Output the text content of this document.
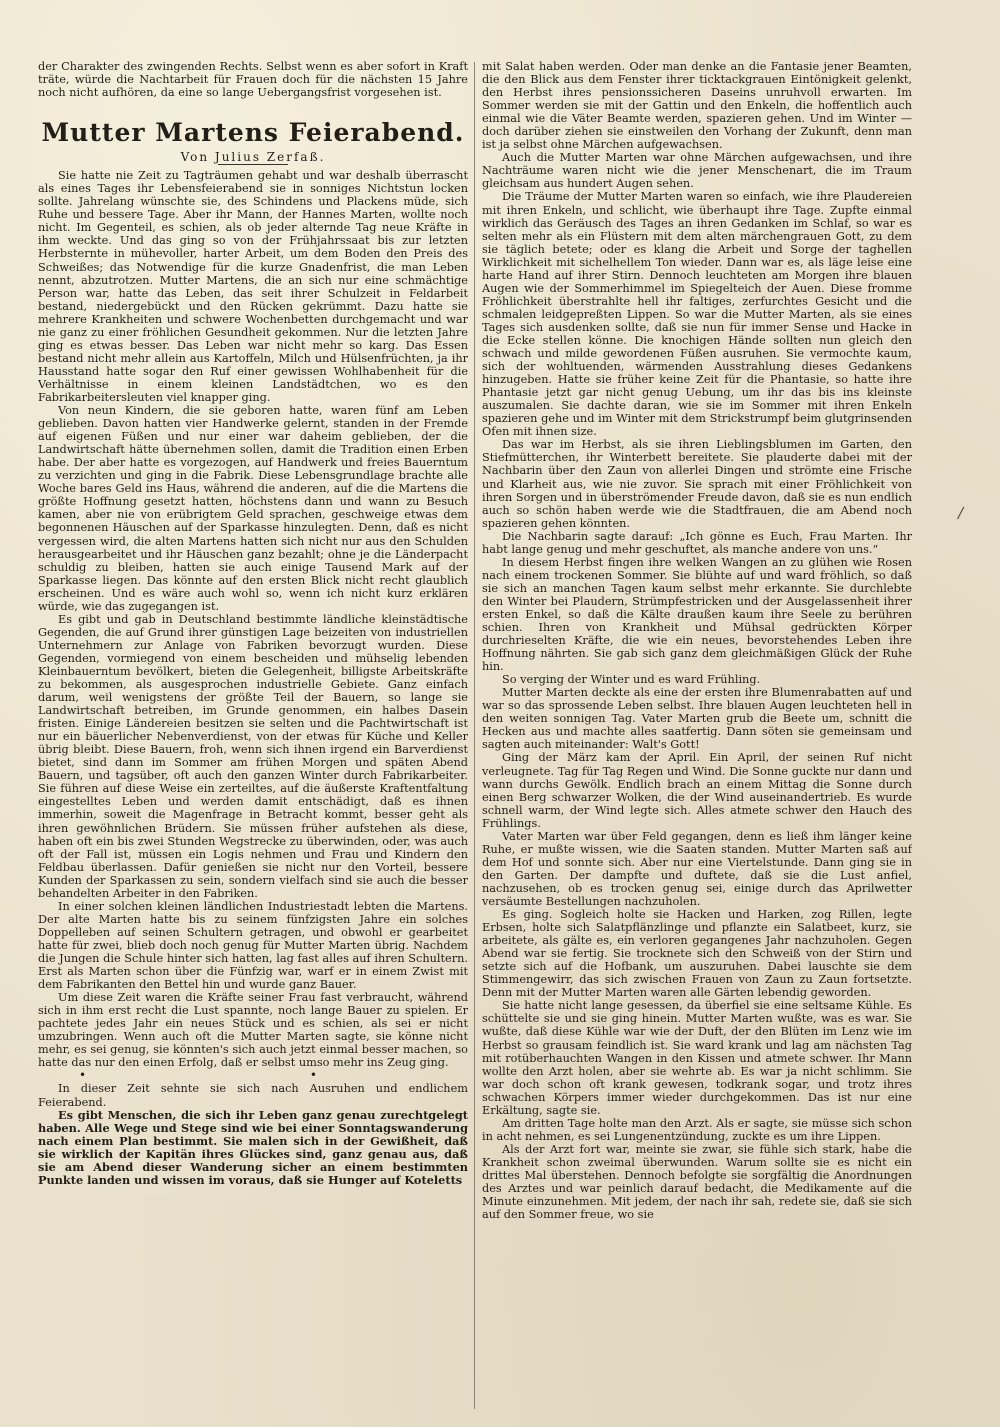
der Charakter des zwingenden Rechts. Selbst wenn es aber sofort in Kraft träte, würde die Nachtarbeit für Frauen doch für die nächsten 15 Jahre noch nicht aufhören, da eine so lange Uebergangsfrist vorgesehen ist.

Mutter Martens Feierabend.

Von Julius Zerfaß.

Sie hatte nie Zeit zu Tagträumen gehabt und war deshalb überrascht als eines Tages ihr Lebensfeierabend sie in sonniges Nichtstun locken sollte. Jahrelang wünschte sie, des Schindens und Plackens müde, sich Ruhe und bessere Tage. Aber ihr Mann, der Hannes Marten, wollte noch nicht. Im Gegenteil, es schien, als ob jeder alternde Tag neue Kräfte in ihm weckte. Und das ging so von der Frühjahrssaat bis zur letzten Herbsternte in mühevoller, harter Arbeit, um dem Boden den Preis des Schweißes; das Notwendige für die kurze Gnadenfrist, die man Leben nennt, abzutrotzen. Mutter Martens, die an sich nur eine schmächtige Person war, hatte das Leben, das seit ihrer Schulzeit in Feldarbeit bestand, niedergebückt und den Rücken gekrümmt. Dazu hatte sie mehrere Krankheiten und schwere Wochenbetten durchgemacht und war nie ganz zu einer fröhlichen Gesundheit gekommen. Nur die letzten Jahre ging es etwas besser. Das Leben war nicht mehr so karg. Das Essen bestand nicht mehr allein aus Kartoffeln, Milch und Hülsenfrüchten, ja ihr Hausstand hatte sogar den Ruf einer gewissen Wohlhabenheit für die Verhältnisse in einem kleinen Landstädtchen, wo es den Fabrikarbeitersleuten viel knapper ging.

Von neun Kindern, die sie geboren hatte, waren fünf am Leben geblieben. Davon hatten vier Handwerke gelernt, standen in der Fremde auf eigenen Füßen und nur einer war daheim geblieben, der die Landwirtschaft hätte übernehmen sollen, damit die Tradition einen Erben habe. Der aber hatte es vorgezogen, auf Handwerk und freies Bauerntum zu verzichten und ging in die Fabrik. Diese Lebensgrundlage brachte alle Woche bares Geld ins Haus, während die anderen, auf die die Martens die größte Hoffnung gesetzt hatten, höchstens dann und wann zu Besuch kamen, aber nie von erübrigtem Geld sprachen, geschweige etwas dem begonnenen Häuschen auf der Sparkasse hinzulegten. Denn, daß es nicht vergessen wird, die alten Martens hatten sich nicht nur aus den Schulden herausgearbeitet und ihr Häuschen ganz bezahlt; ohne je die Länderpacht schuldig zu bleiben, hatten sie auch einige Tausend Mark auf der Sparkasse liegen. Das könnte auf den ersten Blick nicht recht glaublich erscheinen. Und es wäre auch wohl so, wenn ich nicht kurz erklären würde, wie das zugegangen ist.

Es gibt und gab in Deutschland bestimmte ländliche kleinstädtische Gegenden, die auf Grund ihrer günstigen Lage beizeiten von industriellen Unternehmern zur Anlage von Fabriken bevorzugt wurden. Diese Gegenden, vormiegend von einem bescheiden und mühselig lebenden Kleinbauerntum bevölkert, bieten die Gelegenheit, billigste Arbeitskräfte zu bekommen, als ausgesprochen industrielle Gebiete. Ganz einfach darum, weil wenigstens der größte Teil der Bauern, so lange sie Landwirtschaft betreiben, im Grunde genommen, ein halbes Dasein fristen. Einige Ländereien besitzen sie selten und die Pachtwirtschaft ist nur ein bäuerlicher Nebenverdienst, von der etwas für Küche und Keller übrig bleibt. Diese Bauern, froh, wenn sich ihnen irgend ein Barverdienst bietet, sind dann im Sommer am frühen Morgen und späten Abend Bauern, und tagsüber, oft auch den ganzen Winter durch Fabrikarbeiter. Sie führen auf diese Weise ein zerteiltes, auf die äußerste Kraftentfaltung eingestelltes Leben und werden damit entschädigt, daß es ihnen immerhin, soweit die Magenfrage in Betracht kommt, besser geht als ihren gewöhnlichen Brüdern. Sie müssen früher aufstehen als diese, haben oft ein bis zwei Stunden Wegstrecke zu überwinden, oder, was auch oft der Fall ist, müssen ein Logis nehmen und Frau und Kindern den Feldbau überlassen. Dafür genießen sie nicht nur den Vorteil, bessere Kunden der Sparkassen zu sein, sondern vielfach sind sie auch die besser behandelten Arbeiter in den Fabriken.

In einer solchen kleinen ländlichen Industriestadt lebten die Martens. Der alte Marten hatte bis zu seinem fünfzigsten Jahre ein solches Doppelleben auf seinen Schultern getragen, und obwohl er gearbeitet hatte für zwei, blieb doch noch genug für Mutter Marten übrig. Nachdem die Jungen die Schule hinter sich hatten, lag fast alles auf ihren Schultern. Erst als Marten schon über die Fünfzig war, warf er in einem Zwist mit dem Fabrikanten den Bettel hin und wurde ganz Bauer.

Um diese Zeit waren die Kräfte seiner Frau fast verbraucht, während sich in ihm erst recht die Lust spannte, noch lange Bauer zu spielen. Er pachtete jedes Jahr ein neues Stück und es schien, als sei er nicht umzubringen. Wenn auch oft die Mutter Marten sagte, sie könne nicht mehr, es sei genug, sie könnten's sich auch jetzt einmal besser machen, so hatte das nur den einen Erfolg, daß er selbst umso mehr ins Zeug ging.

• •

In dieser Zeit sehnte sie sich nach Ausruhen und endlichem Feierabend.

Es gibt Menschen, die sich ihr Leben ganz genau zurechtgelegt haben. Alle Wege und Stege sind wie bei einer Sonntagswanderung nach einem Plan bestimmt. Sie malen sich in der Gewißheit, daß sie wirklich der Kapitän ihres Glückes sind, ganz genau aus, daß sie am Abend dieser Wanderung sicher an einem bestimmten Punkte landen und wissen im voraus, daß sie Hunger auf Koteletts

mit Salat haben werden. Oder man denke an die Fantasie jener Beamten, die den Blick aus dem Fenster ihrer ticktackgrauen Eintönigkeit gelenkt, den Herbst ihres pensionssicheren Daseins unruhvoll erwarten. Im Sommer werden sie mit der Gattin und den Enkeln, die hoffentlich auch einmal wie die Väter Beamte werden, spazieren gehen. Und im Winter — doch darüber ziehen sie einstweilen den Vorhang der Zukunft, denn man ist ja selbst ohne Märchen aufgewachsen.

Auch die Mutter Marten war ohne Märchen aufgewachsen, und ihre Nachträume waren nicht wie die jener Menschenart, die im Traum gleichsam aus hundert Augen sehen.

Die Träume der Mutter Marten waren so einfach, wie ihre Plaudereien mit ihren Enkeln, und schlicht, wie überhaupt ihre Tage. Zupfte einmal wirklich das Geräusch des Tages an ihren Gedanken im Schlaf, so war es selten mehr als ein Flüstern mit dem alten märchengrauen Gott, zu dem sie täglich betete; oder es klang die Arbeit und Sorge der taghellen Wirklichkeit mit sichelhellem Ton wieder. Dann war es, als läge leise eine harte Hand auf ihrer Stirn. Dennoch leuchteten am Morgen ihre blauen Augen wie der Sommerhimmel im Spiegelteich der Auen. Diese fromme Fröhlichkeit überstrahlte hell ihr faltiges, zerfurchtes Gesicht und die schmalen leidgepreßten Lippen. So war die Mutter Marten, als sie eines Tages sich ausdenken sollte, daß sie nun für immer Sense und Hacke in die Ecke stellen könne. Die knochigen Hände sollten nun gleich den schwach und milde gewordenen Füßen ausruhen. Sie vermochte kaum, sich der wohltuenden, wärmenden Ausstrahlung dieses Gedankens hinzugeben. Hatte sie früher keine Zeit für die Phantasie, so hatte ihre Phantasie jetzt gar nicht genug Uebung, um ihr das bis ins kleinste auszumalen. Sie dachte daran, wie sie im Sommer mit ihren Enkeln spazieren gehe und im Winter mit dem Strickstrumpf beim glutgrinsenden Ofen mit ihnen size.

Das war im Herbst, als sie ihren Lieblingsblumen im Garten, den Stiefmütterchen, ihr Winterbett bereitete. Sie plauderte dabei mit der Nachbarin über den Zaun von allerlei Dingen und strömte eine Frische und Klarheit aus, wie nie zuvor. Sie sprach mit einer Fröhlichkeit von ihren Sorgen und in überströmender Freude davon, daß sie es nun endlich auch so schön haben werde wie die Stadtfrauen, die am Abend noch spazieren gehen könnten.

Die Nachbarin sagte darauf: „Ich gönne es Euch, Frau Marten. Ihr habt lange genug und mehr geschuftet, als manche andere von uns.“

In diesem Herbst fingen ihre welken Wangen an zu glühen wie Rosen nach einem trockenen Sommer. Sie blühte auf und ward fröhlich, so daß sie sich an manchen Tagen kaum selbst mehr erkannte. Sie durchlebte den Winter bei Plaudern, Strümpfestricken und der Ausgelassenheit ihrer ersten Enkel, so daß die Kälte draußen kaum ihre Seele zu berühren schien. Ihren von Krankheit und Mühsal gedrückten Körper durchrieselten Kräfte, die wie ein neues, bevorstehendes Leben ihre Hoffnung nährten. Sie gab sich ganz dem gleichmäßigen Glück der Ruhe hin.

So verging der Winter und es ward Frühling.

Mutter Marten deckte als eine der ersten ihre Blumenrabatten auf und war so das sprossende Leben selbst. Ihre blauen Augen leuchteten hell in den weiten sonnigen Tag. Vater Marten grub die Beete um, schnitt die Hecken aus und machte alles saatfertig. Dann söten sie gemeinsam und sagten auch miteinander: Walt's Gott!

Ging der März kam der April. Ein April, der seinen Ruf nicht verleugnete. Tag für Tag Regen und Wind. Die Sonne guckte nur dann und wann durchs Gewölk. Endlich brach an einem Mittag die Sonne durch einen Berg schwarzer Wolken, die der Wind auseinandertrieb. Es wurde schnell warm, der Wind legte sich. Alles atmete schwer den Hauch des Frühlings.

Vater Marten war über Feld gegangen, denn es ließ ihm länger keine Ruhe, er mußte wissen, wie die Saaten standen. Mutter Marten saß auf dem Hof und sonnte sich. Aber nur eine Viertelstunde. Dann ging sie in den Garten. Der dampfte und duftete, daß sie die Lust anfiel, nachzusehen, ob es trocken genug sei, einige durch das Aprilwetter versäumte Bestellungen nachzuholen.

Es ging. Sogleich holte sie Hacken und Harken, zog Rillen, legte Erbsen, holte sich Salatpflänzlinge und pflanzte ein Salatbeet, kurz, sie arbeitete, als gälte es, ein verloren gegangenes Jahr nachzuholen. Gegen Abend war sie fertig. Sie trocknete sich den Schweiß von der Stirn und setzte sich auf die Hofbank, um auszuruhen. Dabei lauschte sie dem Stimmengewirr, das sich zwischen Frauen von Zaun zu Zaun fortsetzte. Denn mit der Mutter Marten waren alle Gärten lebendig geworden.

Sie hatte nicht lange gesessen, da überfiel sie eine seltsame Kühle. Es schüttelte sie und sie ging hinein. Mutter Marten wußte, was es war. Sie wußte, daß diese Kühle war wie der Duft, der den Blüten im Lenz wie im Herbst so grausam feindlich ist. Sie ward krank und lag am nächsten Tag mit rotüberhauchten Wangen in den Kissen und atmete schwer. Ihr Mann wollte den Arzt holen, aber sie wehrte ab. Es war ja nicht schlimm. Sie war doch schon oft krank gewesen, todkrank sogar, und trotz ihres schwachen Körpers immer wieder durchgekommen. Das ist nur eine Erkältung, sagte sie.

Am dritten Tage holte man den Arzt. Als er sagte, sie müsse sich schon in acht nehmen, es sei Lungenentzündung, zuckte es um ihre Lippen.

Als der Arzt fort war, meinte sie zwar, sie fühle sich stark, habe die Krankheit schon zweimal überwunden. Warum sollte sie es nicht ein drittes Mal überstehen. Dennoch befolgte sie sorgfältig die Anordnungen des Arztes und war peinlich darauf bedacht, die Medikamente auf die Minute einzunehmen. Mit jedem, der nach ihr sah, redete sie, daß sie sich auf den Sommer freue, wo sie

/
